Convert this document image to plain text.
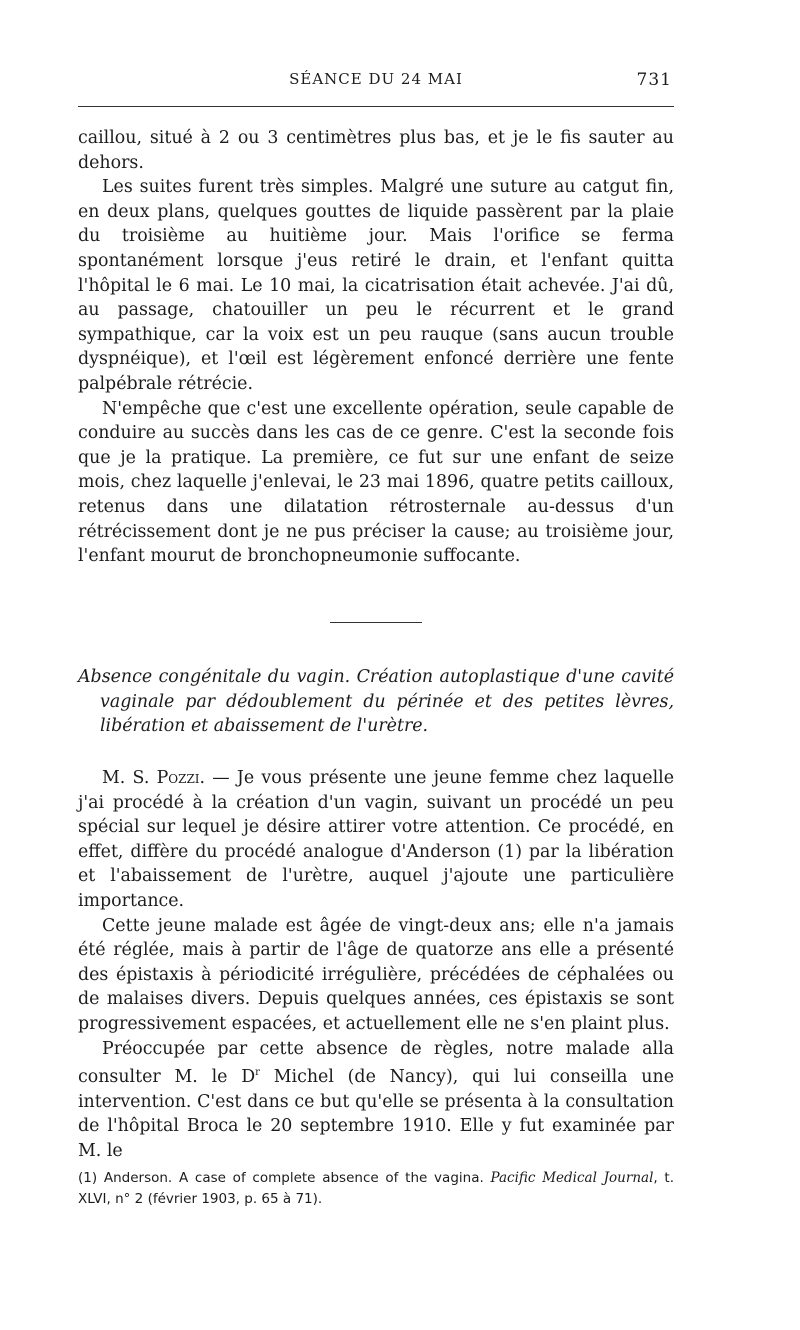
SÉANCE DU 24 MAI	731

caillou, situé à 2 ou 3 centimètres plus bas, et je le fis sauter au dehors.

Les suites furent très simples. Malgré une suture au catgut fin, en deux plans, quelques gouttes de liquide passèrent par la plaie du troisième au huitième jour. Mais l'orifice se ferma spontanément lorsque j'eus retiré le drain, et l'enfant quitta l'hôpital le 6 mai. Le 10 mai, la cicatrisation était achevée. J'ai dû, au passage, chatouiller un peu le récurrent et le grand sympathique, car la voix est un peu rauque (sans aucun trouble dyspnéique), et l'œil est légèrement enfoncé derrière une fente palpébrale rétrécie.

N'empêche que c'est une excellente opération, seule capable de conduire au succès dans les cas de ce genre. C'est la seconde fois que je la pratique. La première, ce fut sur une enfant de seize mois, chez laquelle j'enlevai, le 23 mai 1896, quatre petits cailloux, retenus dans une dilatation rétrosternale au-dessus d'un rétrécissement dont je ne pus préciser la cause; au troisième jour, l'enfant mourut de bronchopneumonie suffocante.

Absence congénitale du vagin. Création autoplastique d'une cavité vaginale par dédoublement du périnée et des petites lèvres, libération et abaissement de l'urètre.

M. S. Pozzi. — Je vous présente une jeune femme chez laquelle j'ai procédé à la création d'un vagin, suivant un procédé un peu spécial sur lequel je désire attirer votre attention. Ce procédé, en effet, diffère du procédé analogue d'Anderson (1) par la libération et l'abaissement de l'urètre, auquel j'ajoute une particulière importance.

Cette jeune malade est âgée de vingt-deux ans; elle n'a jamais été réglée, mais à partir de l'âge de quatorze ans elle a présenté des épistaxis à périodicité irrégulière, précédées de céphalées ou de malaises divers. Depuis quelques années, ces épistaxis se sont progressivement espacées, et actuellement elle ne s'en plaint plus.

Préoccupée par cette absence de règles, notre malade alla consulter M. le $D^r$ Michel (de Nancy), qui lui conseilla une intervention. C'est dans ce but qu'elle se présenta à la consultation de l'hôpital Broca le 20 septembre 1910. Elle y fut examinée par M. le

(1) Anderson. A case of complete absence of the vagina. Pacific Medical Journal, t. XLVI, n° 2 (février 1903, p. 65 à 71).
